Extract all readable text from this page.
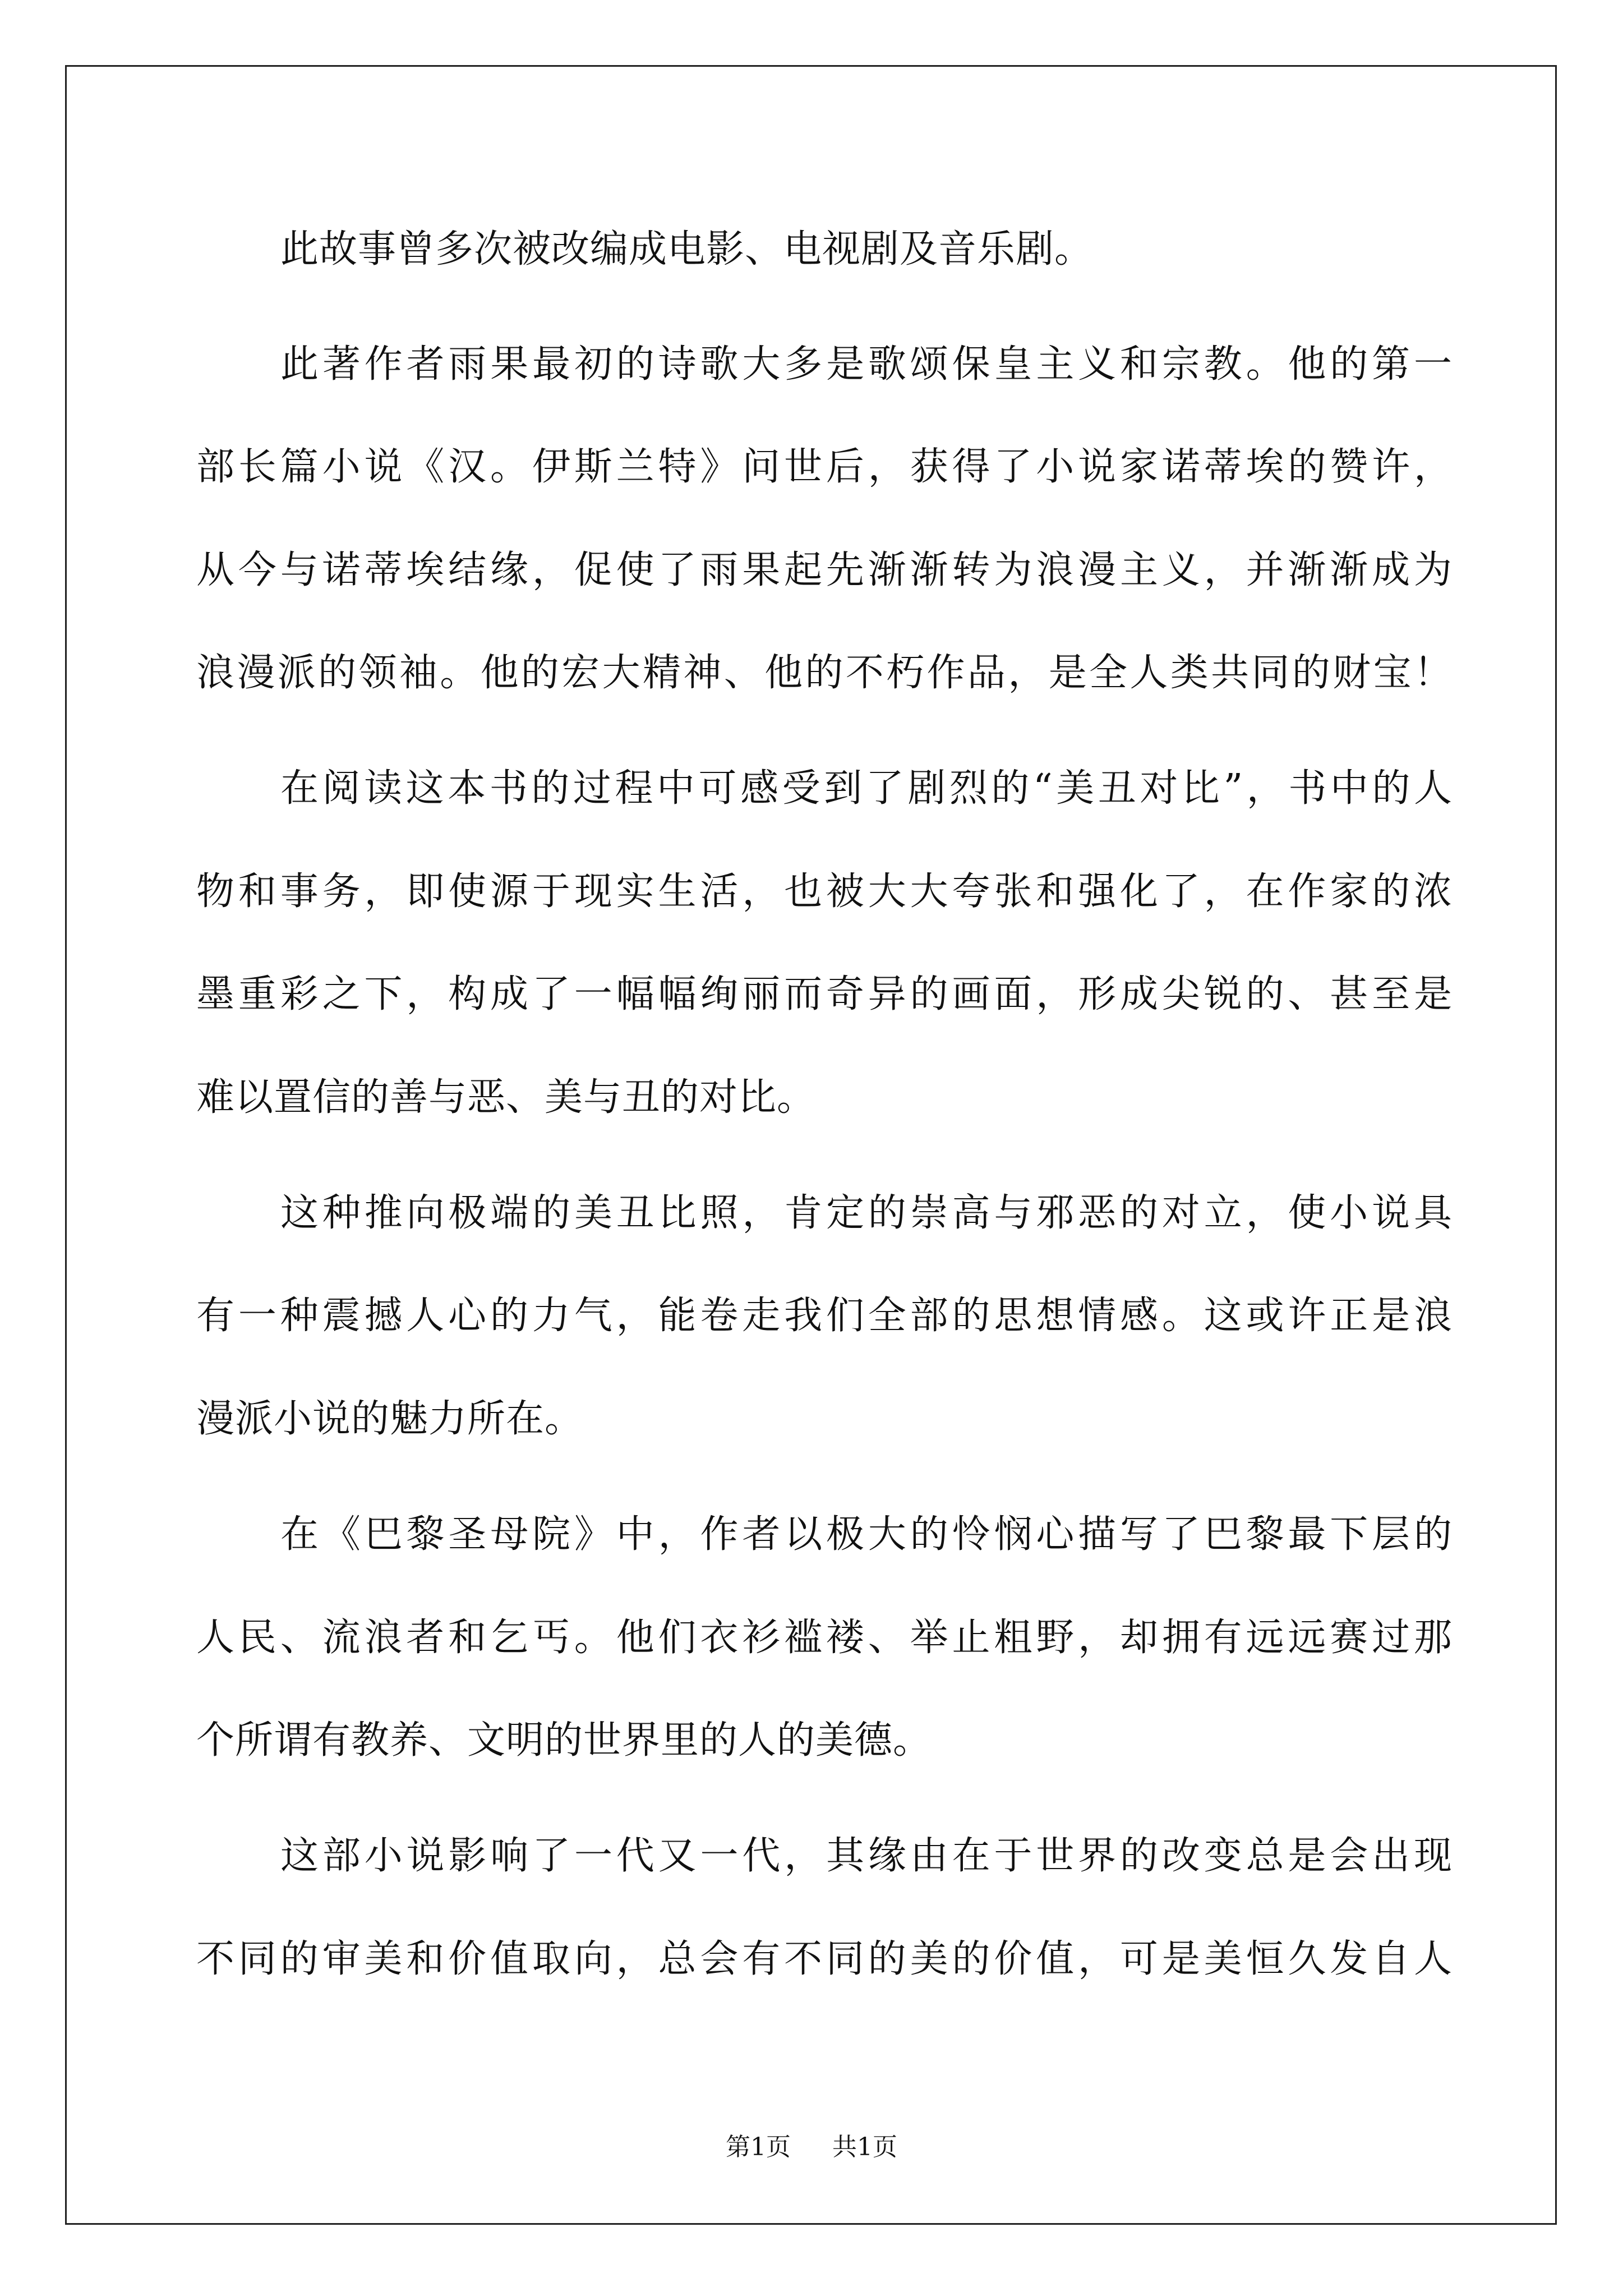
此故事曾多次被改编成电影、电视剧及音乐剧。
此著作者雨果最初的诗歌大多是歌颂保皇主义和宗教。他的第一
部长篇小说《汉。伊斯兰特》问世后，获得了小说家诺蒂埃的赞许，
从今与诺蒂埃结缘，促使了雨果起先渐渐转为浪漫主义，并渐渐成为
浪漫派的领袖。他的宏大精神、他的不朽作品，是全人类共同的财宝！
在阅读这本书的过程中可感受到了剧烈的“美丑对比”，书中的人
物和事务，即使源于现实生活，也被大大夸张和强化了，在作家的浓
墨重彩之下，构成了一幅幅绚丽而奇异的画面，形成尖锐的、甚至是
难以置信的善与恶、美与丑的对比。
这种推向极端的美丑比照，肯定的崇高与邪恶的对立，使小说具
有一种震撼人心的力气，能卷走我们全部的思想情感。这或许正是浪
漫派小说的魅力所在。
在《巴黎圣母院》中，作者以极大的怜悯心描写了巴黎最下层的
人民、流浪者和乞丐。他们衣衫褴褛、举止粗野，却拥有远远赛过那
个所谓有教养、文明的世界里的人的美德。
这部小说影响了一代又一代，其缘由在于世界的改变总是会出现
不同的审美和价值取向，总会有不同的美的价值，可是美恒久发自人
第1页 共1页
